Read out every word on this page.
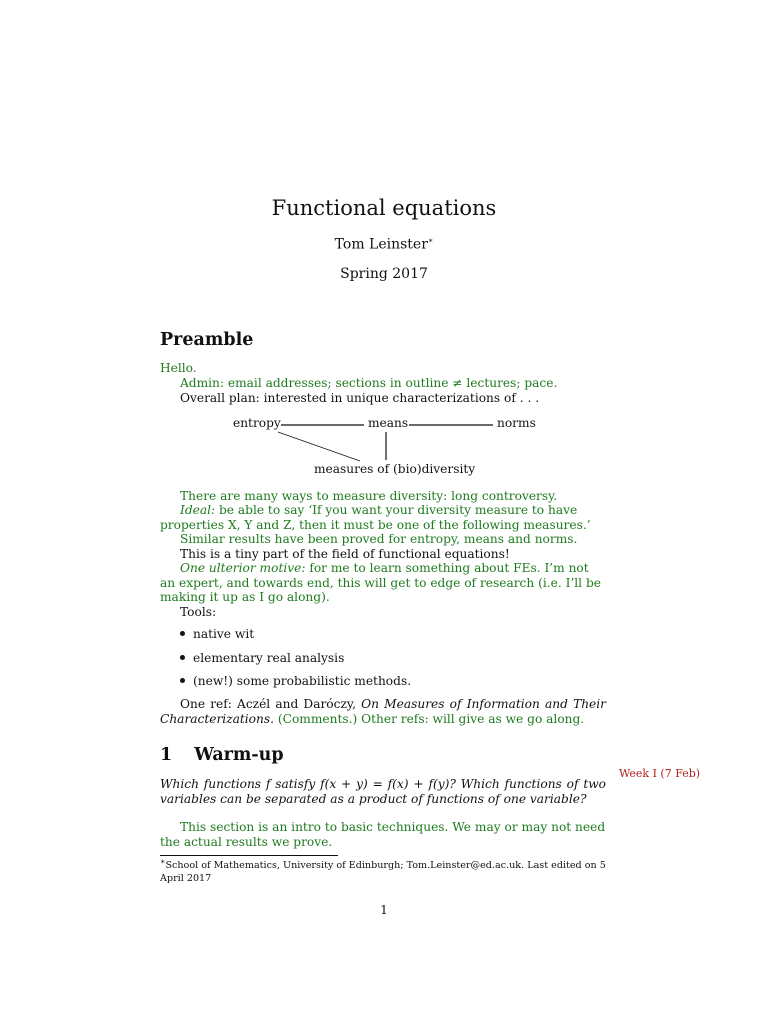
Functional equations
Tom Leinster∗
Spring 2017
Preamble
Hello.
Admin: email addresses; sections in outline ≠ lectures; pace.
Overall plan: interested in unique characterizations of . . .
entropy	means	norms
measures of (bio)diversity
There are many ways to measure diversity: long controversy.
Ideal: be able to say ‘If you want your diversity measure to have properties X, Y and Z, then it must be one of the following measures.’
Similar results have been proved for entropy, means and norms.
This is a tiny part of the field of functional equations!
One ulterior motive: for me to learn something about FEs. I’m not an expert, and towards end, this will get to edge of research (i.e. I’ll be making it up as I go along).
Tools:
native wit
elementary real analysis
(new!) some probabilistic methods.
One ref: Aczél and Daróczy, On Measures of Information and Their Characterizations. (Comments.) Other refs: will give as we go along.
1 Warm-up
Week I (7 Feb)
Which functions f satisfy f(x + y) = f(x) + f(y)? Which functions of two variables can be separated as a product of functions of one variable?
This section is an intro to basic techniques. We may or may not need the actual results we prove.
∗School of Mathematics, University of Edinburgh; Tom.Leinster@ed.ac.uk. Last edited on 5 April 2017
1
